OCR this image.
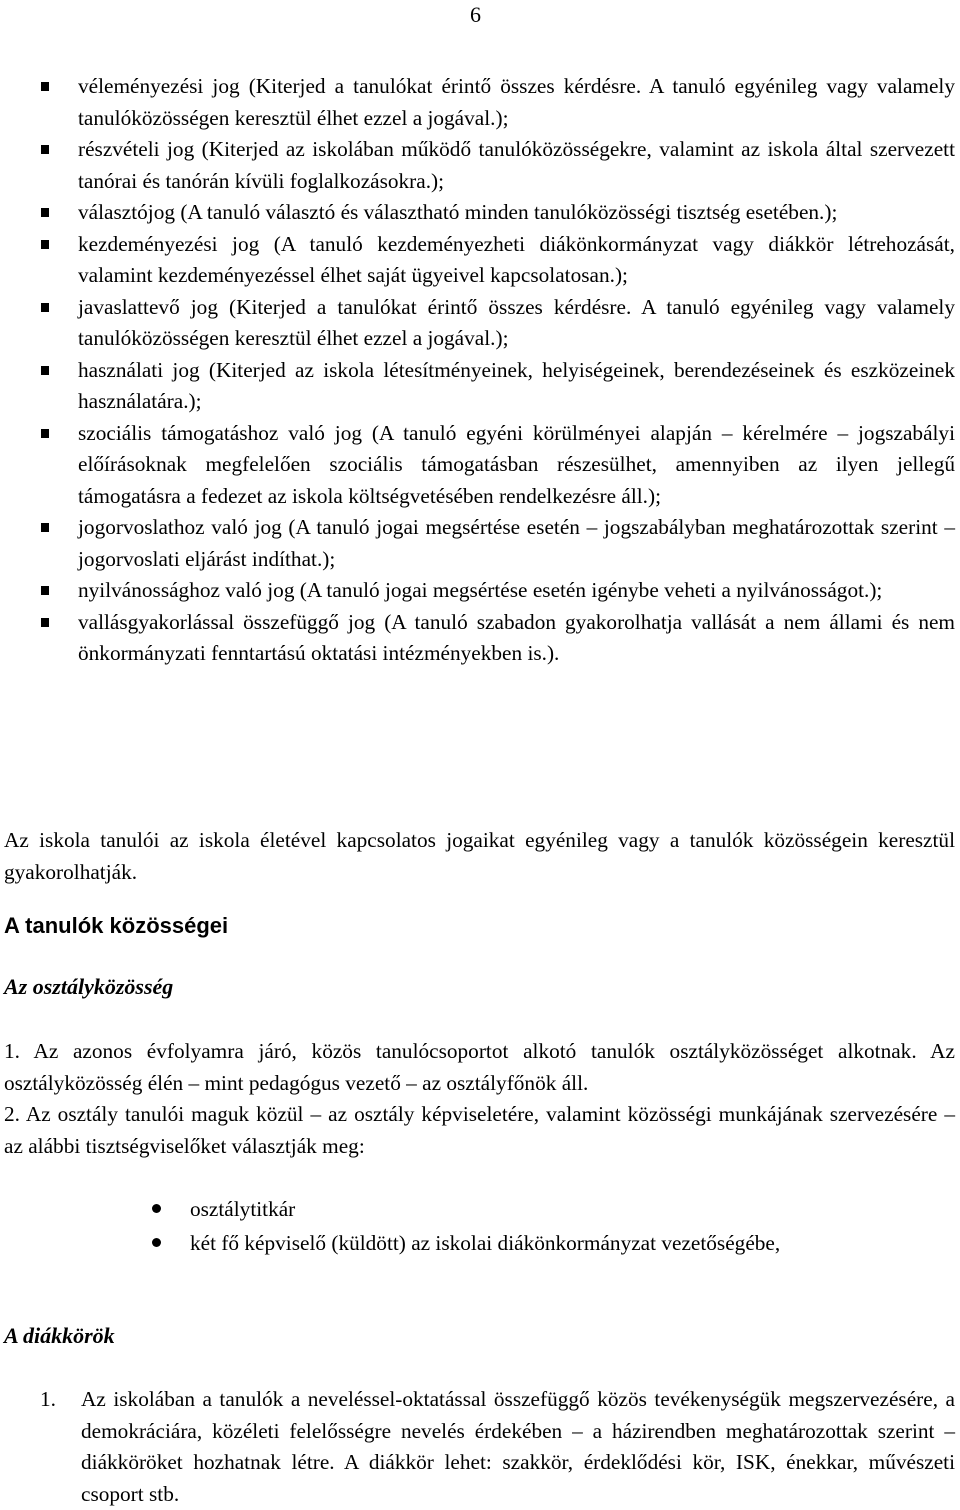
6
véleményezési jog (Kiterjed a tanulókat érintő összes kérdésre. A tanuló egyénileg vagy valamely tanulóközösségen keresztül élhet ezzel a jogával.);
részvételi jog (Kiterjed az iskolában működő tanulóközösségekre, valamint az iskola által szervezett tanórai és tanórán kívüli foglalkozásokra.);
választójog (A tanuló választó és választható minden tanulóközösségi tisztség esetében.);
kezdeményezési jog (A tanuló kezdeményezheti diákönkormányzat vagy diákkör létrehozását, valamint kezdeményezéssel élhet saját ügyeivel kapcsolatosan.);
javaslattevő jog (Kiterjed a tanulókat érintő összes kérdésre. A tanuló egyénileg vagy valamely tanulóközösségen keresztül élhet ezzel a jogával.);
használati jog (Kiterjed az iskola létesítményeinek, helyiségeinek, berendezéseinek és eszközeinek használatára.);
szociális támogatáshoz való jog (A tanuló egyéni körülményei alapján – kérelmére – jogszabályi előírásoknak megfelelően szociális támogatásban részesülhet, amennyiben az ilyen jellegű támogatásra a fedezet az iskola költségvetésében rendelkezésre áll.);
jogorvoslathoz való jog (A tanuló jogai megsértése esetén – jogszabályban meghatározottak szerint – jogorvoslati eljárást indíthat.);
nyilvánossághoz való jog (A tanuló jogai megsértése esetén igénybe veheti a nyilvánosságot.);
vallásgyakorlással összefüggő jog (A tanuló szabadon gyakorolhatja vallását a nem állami és nem önkormányzati fenntartású oktatási intézményekben is.).

Az iskola tanulói az iskola életével kapcsolatos jogaikat egyénileg vagy a tanulók közösségein keresztül gyakorolhatják.

A tanulók közösségei
Az osztályközösség

1. Az azonos évfolyamra járó, közös tanulócsoportot alkotó tanulók osztályközösséget alkotnak. Az osztályközösség élén – mint pedagógus vezető – az osztályfőnök áll.

2. Az osztály tanulói maguk közül – az osztály képviseletére, valamint közösségi munkájának szervezésére – az alábbi tisztségviselőket választják meg:

osztálytitkár
két fő képviselő (küldött) az iskolai diákönkormányzat vezetőségébe,
A diákkörök
1. Az iskolában a tanulók a neveléssel-oktatással összefüggő közös tevékenységük megszervezésére, a demokráciára, közéleti felelősségre nevelés érdekében – a házirendben meghatározottak szerint – diákköröket hozhatnak létre. A diákkör lehet: szakkör, érdeklődési kör, ISK, énekkar, művészeti csoport stb.
